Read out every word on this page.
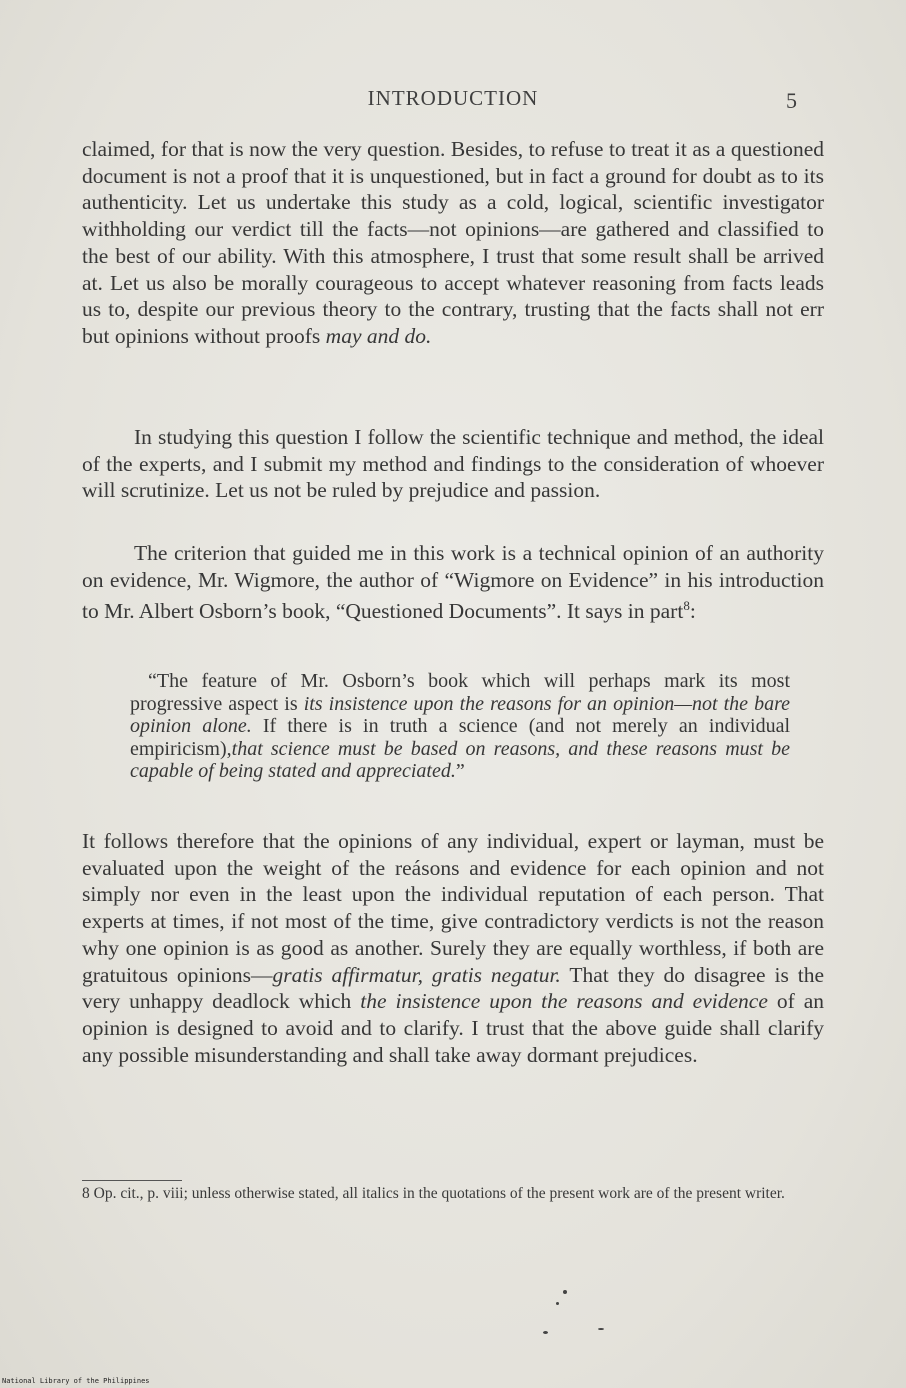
INTRODUCTION	5

claimed, for that is now the very question. Besides, to refuse to treat it as a questioned document is not a proof that it is unquestioned, but in fact a ground for doubt as to its authenticity. Let us undertake this study as a cold, logical, scientific investigator withholding our verdict till the facts—not opinions—are gathered and classified to the best of our ability. With this atmosphere, I trust that some result shall be arrived at. Let us also be morally courageous to accept whatever reasoning from facts leads us to, despite our previous theory to the contrary, trusting that the facts shall not err but opinions without proofs may and do.

In studying this question I follow the scientific technique and method, the ideal of the experts, and I submit my method and findings to the consideration of whoever will scrutinize. Let us not be ruled by prejudice and passion.

The criterion that guided me in this work is a technical opinion of an authority on evidence, Mr. Wigmore, the author of “Wigmore on Evidence” in his introduction to Mr. Albert Osborn’s book, “Questioned Documents”. It says in part$^8$:

“The feature of Mr. Osborn’s book which will perhaps mark its most progressive aspect is its insistence upon the reasons for an opinion—not the bare opinion alone. If there is in truth a science (and not merely an individual empiricism),that science must be based on reasons, and these reasons must be capable of being stated and appreciated.”

It follows therefore that the opinions of any individual, expert or layman, must be evaluated upon the weight of the reásons and evidence for each opinion and not simply nor even in the least upon the individual reputation of each person. That experts at times, if not most of the time, give contradictory verdicts is not the reason why one opinion is as good as another. Surely they are equally worthless, if both are gratuitous opinions—gratis affirmatur, gratis negatur. That they do disagree is the very unhappy deadlock which the insistence upon the reasons and evidence of an opinion is designed to avoid and to clarify. I trust that the above guide shall clarify any possible misunderstanding and shall take away dormant prejudices.

8 Op. cit., p. viii; unless otherwise stated, all italics in the quotations of the present work are of the present writer.
National Library of the Philippines
